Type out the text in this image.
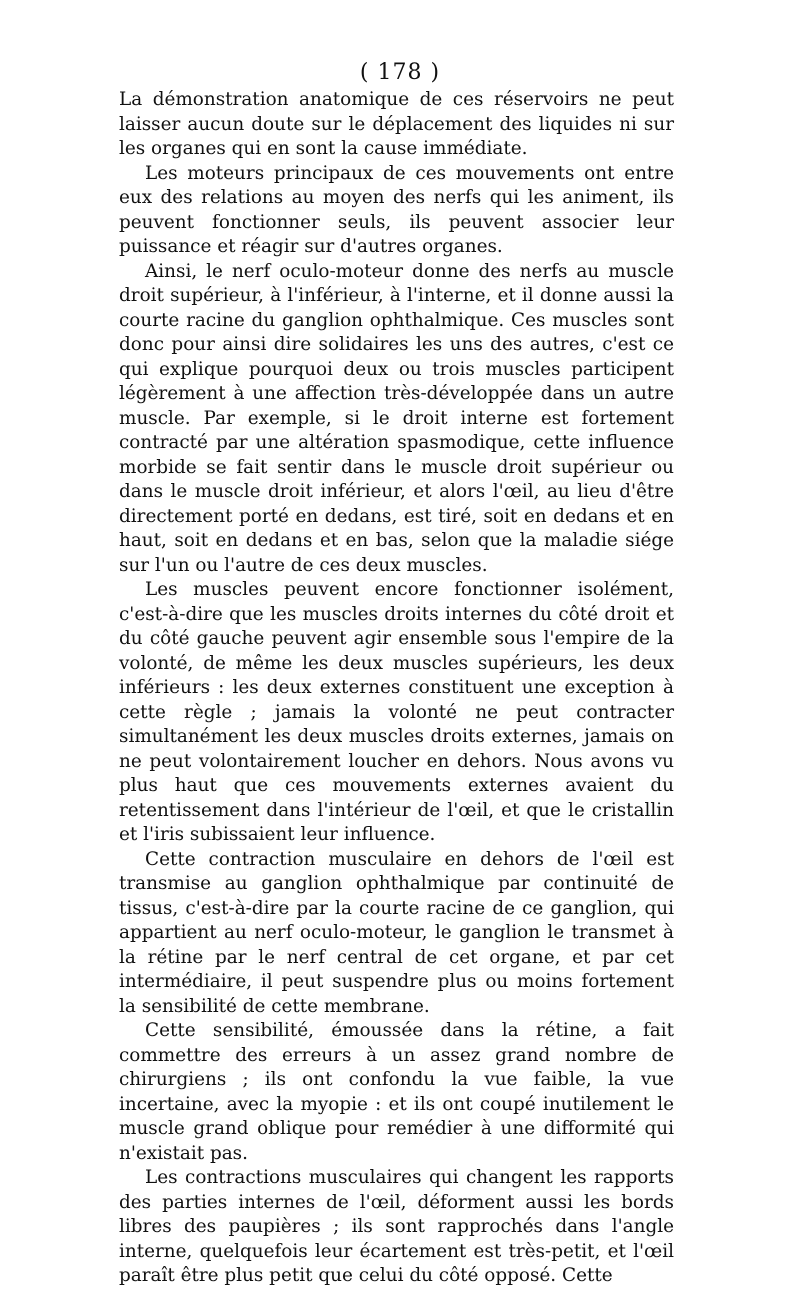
( 178 )

La démonstration anatomique de ces réservoirs ne peut laisser aucun doute sur le déplacement des liquides ni sur les organes qui en sont la cause immédiate.

Les moteurs principaux de ces mouvements ont entre eux des relations au moyen des nerfs qui les animent, ils peuvent fonctionner seuls, ils peuvent associer leur puissance et réagir sur d'autres organes.

Ainsi, le nerf oculo-moteur donne des nerfs au muscle droit supérieur, à l'inférieur, à l'interne, et il donne aussi la courte racine du ganglion ophthalmique. Ces muscles sont donc pour ainsi dire solidaires les uns des autres, c'est ce qui explique pourquoi deux ou trois muscles participent légèrement à une affection très-développée dans un autre muscle. Par exemple, si le droit interne est fortement contracté par une altération spasmodique, cette influence morbide se fait sentir dans le muscle droit supérieur ou dans le muscle droit inférieur, et alors l'œil, au lieu d'être directement porté en dedans, est tiré, soit en dedans et en haut, soit en dedans et en bas, selon que la maladie siége sur l'un ou l'autre de ces deux muscles.

Les muscles peuvent encore fonctionner isolément, c'est-à-dire que les muscles droits internes du côté droit et du côté gauche peuvent agir ensemble sous l'empire de la volonté, de même les deux muscles supérieurs, les deux inférieurs : les deux externes constituent une exception à cette règle ; jamais la volonté ne peut contracter simultanément les deux muscles droits externes, jamais on ne peut volontairement loucher en dehors. Nous avons vu plus haut que ces mouvements externes avaient du retentissement dans l'intérieur de l'œil, et que le cristallin et l'iris subissaient leur influence.

Cette contraction musculaire en dehors de l'œil est transmise au ganglion ophthalmique par continuité de tissus, c'est-à-dire par la courte racine de ce ganglion, qui appartient au nerf oculo-moteur, le ganglion le transmet à la rétine par le nerf central de cet organe, et par cet intermédiaire, il peut suspendre plus ou moins fortement la sensibilité de cette membrane.

Cette sensibilité, émoussée dans la rétine, a fait commettre des erreurs à un assez grand nombre de chirurgiens ; ils ont confondu la vue faible, la vue incertaine, avec la myopie : et ils ont coupé inutilement le muscle grand oblique pour remédier à une difformité qui n'existait pas.

Les contractions musculaires qui changent les rapports des parties internes de l'œil, déforment aussi les bords libres des paupières ; ils sont rapprochés dans l'angle interne, quelquefois leur écartement est très-petit, et l'œil paraît être plus petit que celui du côté opposé. Cette
